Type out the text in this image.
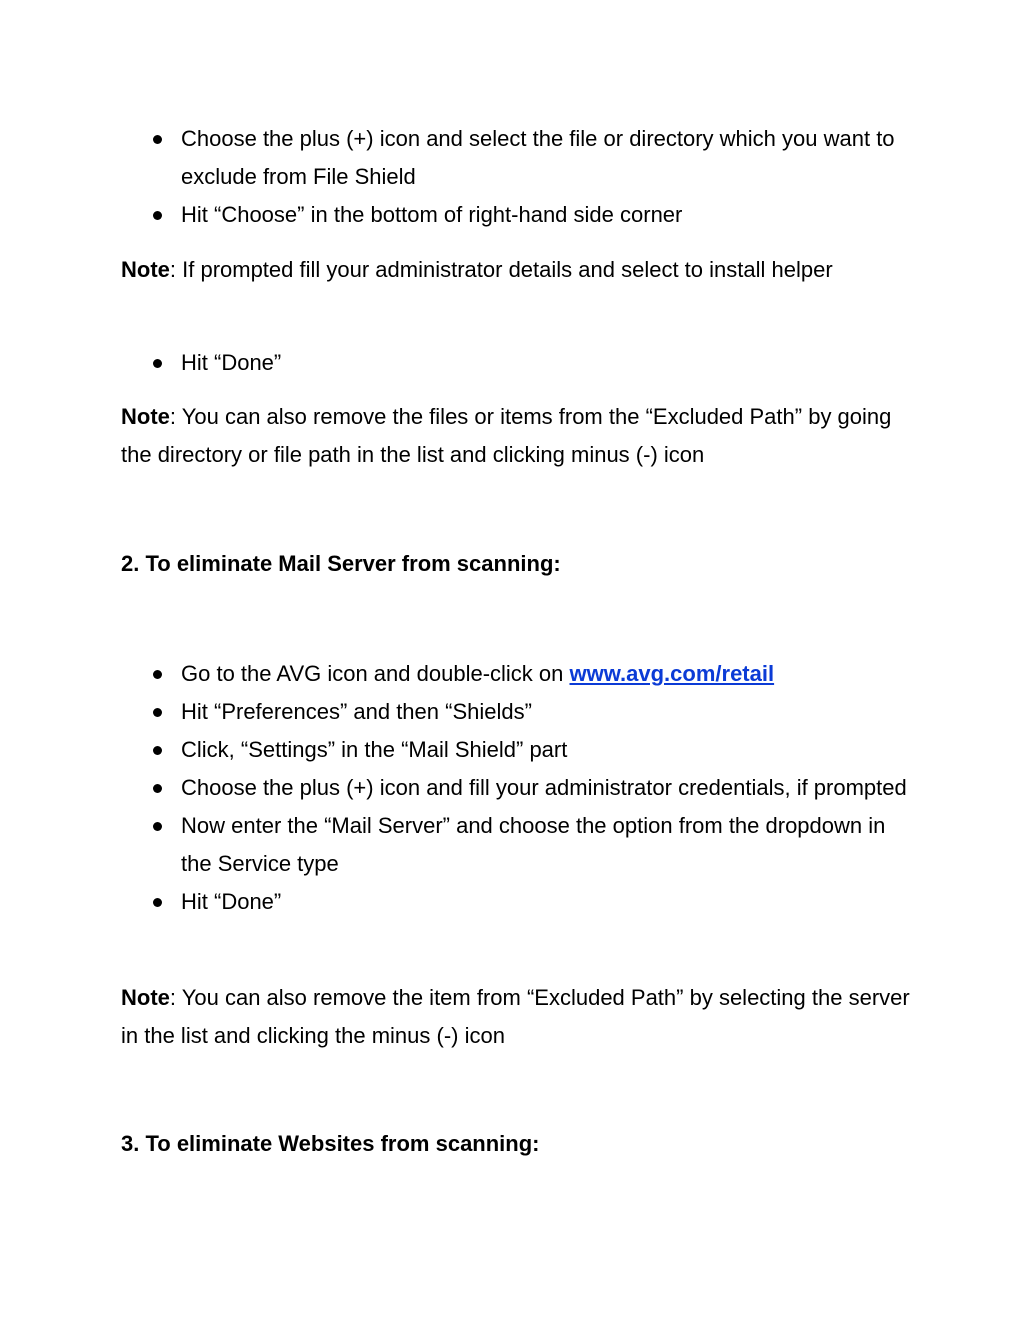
Choose the plus (+) icon and select the file or directory which you want to exclude from File Shield
Hit “Choose” in the bottom of right-hand side corner

Note: If prompted fill your administrator details and select to install helper

Hit “Done”

Note: You can also remove the files or items from the “Excluded Path” by going the directory or file path in the list and clicking minus (-) icon

2. To eliminate Mail Server from scanning:
Go to the AVG icon and double-click on www.avg.com/retail
Hit “Preferences” and then “Shields”
Click, “Settings” in the “Mail Shield” part
Choose the plus (+) icon and fill your administrator credentials, if prompted
Now enter the “Mail Server” and choose the option from the dropdown in the Service type
Hit “Done”

Note: You can also remove the item from “Excluded Path” by selecting the server in the list and clicking the minus (-) icon

3. To eliminate Websites from scanning:
